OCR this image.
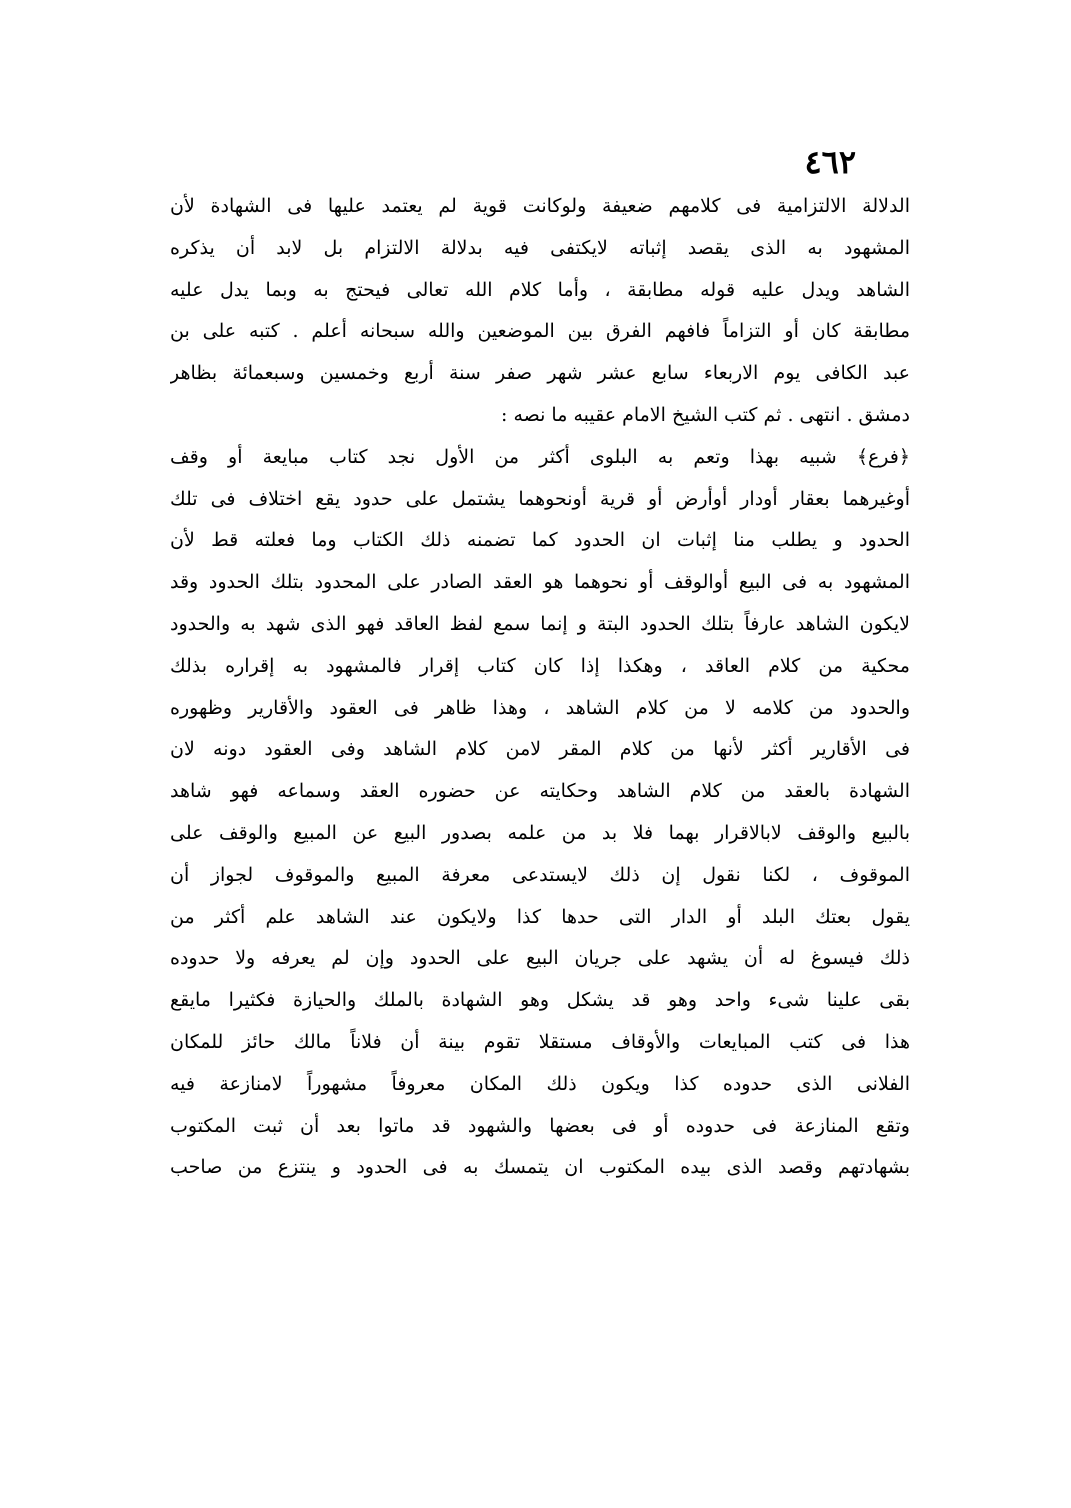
٤٦٢
الدلالة الالتزامية فى كلامهم ضعيفة ولوكانت قوية لم يعتمد عليها فى الشهادة لأن
المشهود به الذى يقصد إثباته لايكتفى فيه بدلالة الالتزام بل لابد أن يذكره
الشاهد ويدل عليه قوله مطابقة ، وأما كلام الله تعالى فيحتج به وبما يدل عليه
مطابقة كان أو التزاماً فافهم الفرق بين الموضعين والله سبحانه أعلم . كتبه على بن
عبد الكافى يوم الاربعاء سابع عشر شهر صفر سنة أربع وخمسين وسبعمائة بظاهر
دمشق . انتهى . ثم كتب الشيخ الامام عقيبه ما نصه :
﴿فرع﴾ شبيه بهذا وتعم به البلوى أكثر من الأول نجد كتاب مبايعة أو وقف
أوغيرهما بعقار أودار أوأرض أو قرية أونحوهما يشتمل على حدود يقع اختلاف فى تلك
الحدود و يطلب منا إثبات ان الحدود كما تضمنه ذلك الكتاب وما فعلته قط لأن
المشهود به فى البيع أوالوقف أو نحوهما هو العقد الصادر على المحدود بتلك الحدود وقد
لايكون الشاهد عارفاً بتلك الحدود البتة و إنما سمع لفظ العاقد فهو الذى شهد به والحدود
محكية من كلام العاقد ، وهكذا إذا كان كتاب إقرار فالمشهود به إقراره بذلك
والحدود من كلامه لا من كلام الشاهد ، وهذا ظاهر فى العقود والأقارير وظهوره
فى الأقارير أكثر لأنها من كلام المقر لامن كلام الشاهد وفى العقود دونه لان
الشهادة بالعقد من كلام الشاهد وحكايته عن حضوره العقد وسماعه فهو شاهد
بالبيع والوقف لابالاقرار بهما فلا بد من علمه بصدور البيع عن المبيع والوقف على
الموقوف ، لكنا نقول إن ذلك لايستدعى معرفة المبيع والموقوف لجواز أن
يقول بعتك البلد أو الدار التى حدها كذا ولايكون عند الشاهد علم أكثر من
ذلك فيسوغ له أن يشهد على جريان البيع على الحدود وإن لم يعرفه ولا حدوده
بقى علينا شىء واحد وهو قد يشكل وهو الشهادة بالملك والحيازة فكثيرا مايقع
هذا فى كتب المبايعات والأوقاف مستقلا تقوم بينة أن فلاناً مالك حائز للمكان
الفلانى الذى حدوده كذا ويكون ذلك المكان معروفاً مشهوراً لامنازعة فيه
وتقع المنازعة فى حدوده أو فى بعضها والشهود قد ماتوا بعد أن ثبت المكتوب
بشهادتهم وقصد الذى بيده المكتوب ان يتمسك به فى الحدود و ينتزع من صاحب
